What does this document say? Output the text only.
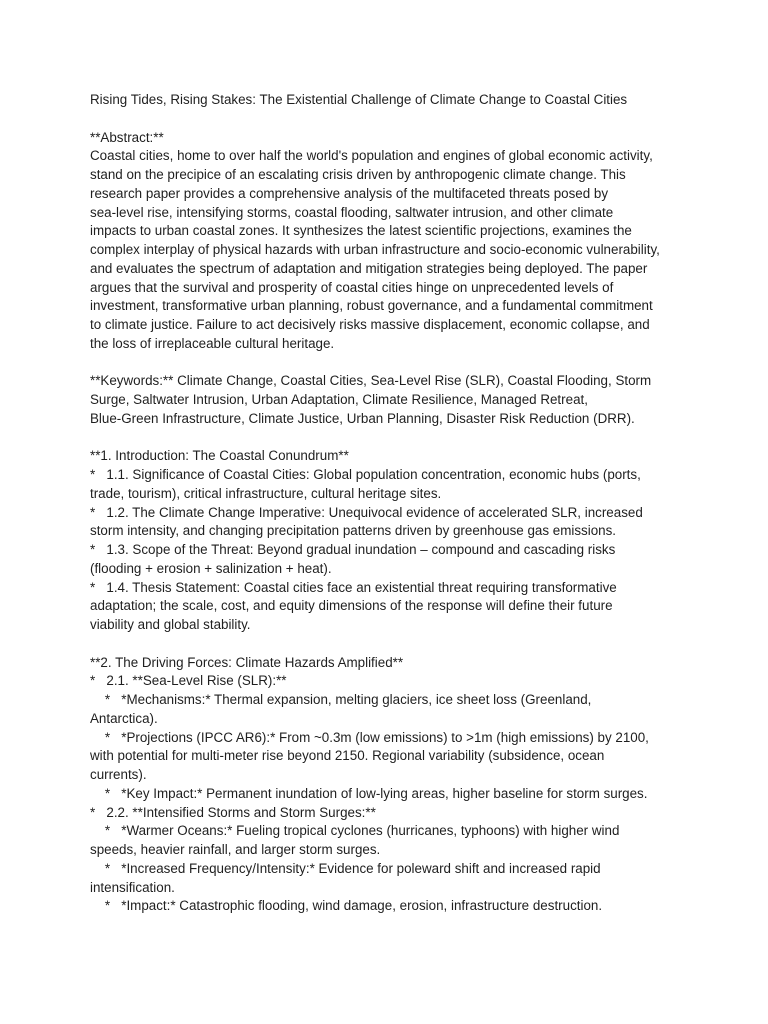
Rising Tides, Rising Stakes: The Existential Challenge of Climate Change to Coastal Cities
**Abstract:**
Coastal cities, home to over half the world's population and engines of global economic activity,
stand on the precipice of an escalating crisis driven by anthropogenic climate change. This
research paper provides a comprehensive analysis of the multifaceted threats posed by
sea-level rise, intensifying storms, coastal flooding, saltwater intrusion, and other climate
impacts to urban coastal zones. It synthesizes the latest scientific projections, examines the
complex interplay of physical hazards with urban infrastructure and socio-economic vulnerability,
and evaluates the spectrum of adaptation and mitigation strategies being deployed. The paper
argues that the survival and prosperity of coastal cities hinge on unprecedented levels of
investment, transformative urban planning, robust governance, and a fundamental commitment
to climate justice. Failure to act decisively risks massive displacement, economic collapse, and
the loss of irreplaceable cultural heritage.
**Keywords:** Climate Change, Coastal Cities, Sea-Level Rise (SLR), Coastal Flooding, Storm
Surge, Saltwater Intrusion, Urban Adaptation, Climate Resilience, Managed Retreat,
Blue-Green Infrastructure, Climate Justice, Urban Planning, Disaster Risk Reduction (DRR).
**1. Introduction: The Coastal Conundrum**
*   1.1. Significance of Coastal Cities: Global population concentration, economic hubs (ports,
trade, tourism), critical infrastructure, cultural heritage sites.
*   1.2. The Climate Change Imperative: Unequivocal evidence of accelerated SLR, increased
storm intensity, and changing precipitation patterns driven by greenhouse gas emissions.
*   1.3. Scope of the Threat: Beyond gradual inundation – compound and cascading risks
(flooding + erosion + salinization + heat).
*   1.4. Thesis Statement: Coastal cities face an existential threat requiring transformative
adaptation; the scale, cost, and equity dimensions of the response will define their future
viability and global stability.
**2. The Driving Forces: Climate Hazards Amplified**
*   2.1. **Sea-Level Rise (SLR):**
*   *Mechanisms:* Thermal expansion, melting glaciers, ice sheet loss (Greenland,
Antarctica).
*   *Projections (IPCC AR6):* From ~0.3m (low emissions) to >1m (high emissions) by 2100,
with potential for multi-meter rise beyond 2150. Regional variability (subsidence, ocean
currents).
*   *Key Impact:* Permanent inundation of low-lying areas, higher baseline for storm surges.
*   2.2. **Intensified Storms and Storm Surges:**
*   *Warmer Oceans:* Fueling tropical cyclones (hurricanes, typhoons) with higher wind
speeds, heavier rainfall, and larger storm surges.
*   *Increased Frequency/Intensity:* Evidence for poleward shift and increased rapid
intensification.
*   *Impact:* Catastrophic flooding, wind damage, erosion, infrastructure destruction.
